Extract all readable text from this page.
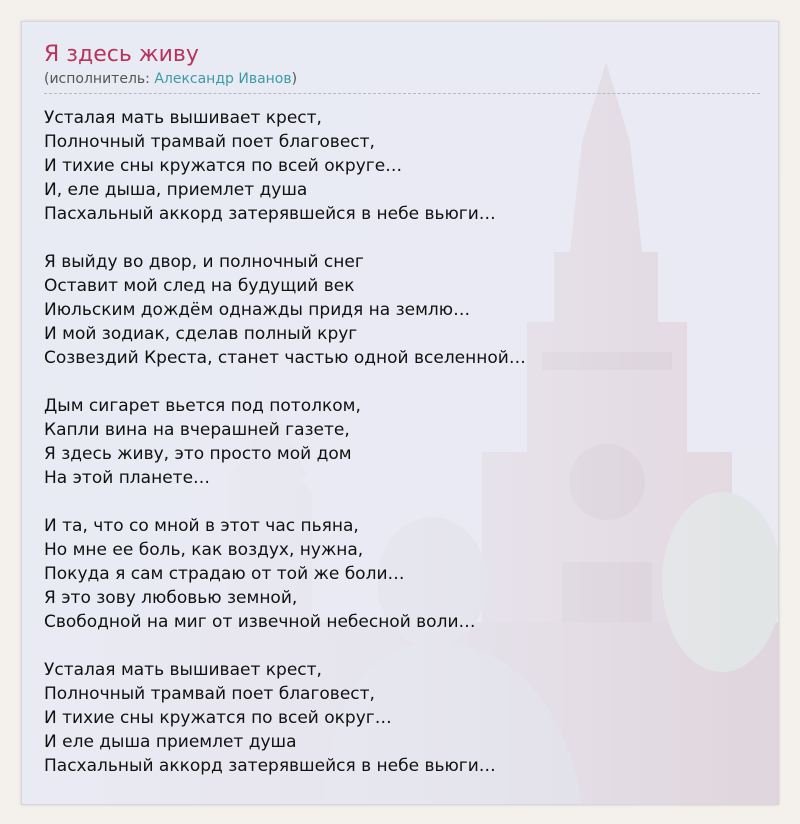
Я здесь живу
(исполнитель: Александр Иванов)
Усталая мать вышивает крест,
Полночный трамвай поет благовест,
И тихие сны кружатся по всей округе…
И, еле дыша, приемлет душа
Пасхальный аккорд затерявшейся в небе вьюги…
Я выйду во двор, и полночный снег
Оставит мой след на будущий век
Июльским дождём однажды придя на землю…
И мой зодиак, сделав полный круг
Созвездий Креста, станет частью одной вселенной…
Дым сигарет вьется под потолком,
Капли вина на вчерашней газете,
Я здесь живу, это просто мой дом
На этой планете…
И та, что со мной в этот час пьяна,
Но мне ее боль, как воздух, нужна,
Покуда я сам страдаю от той же боли…
Я это зову любовью земной,
Свободной на миг от извечной небесной воли…
Усталая мать вышивает крест,
Полночный трамвай поет благовест,
И тихие сны кружатся по всей округ…
И еле дыша приемлет душа
Пасхальный аккорд затерявшейся в небе вьюги…
